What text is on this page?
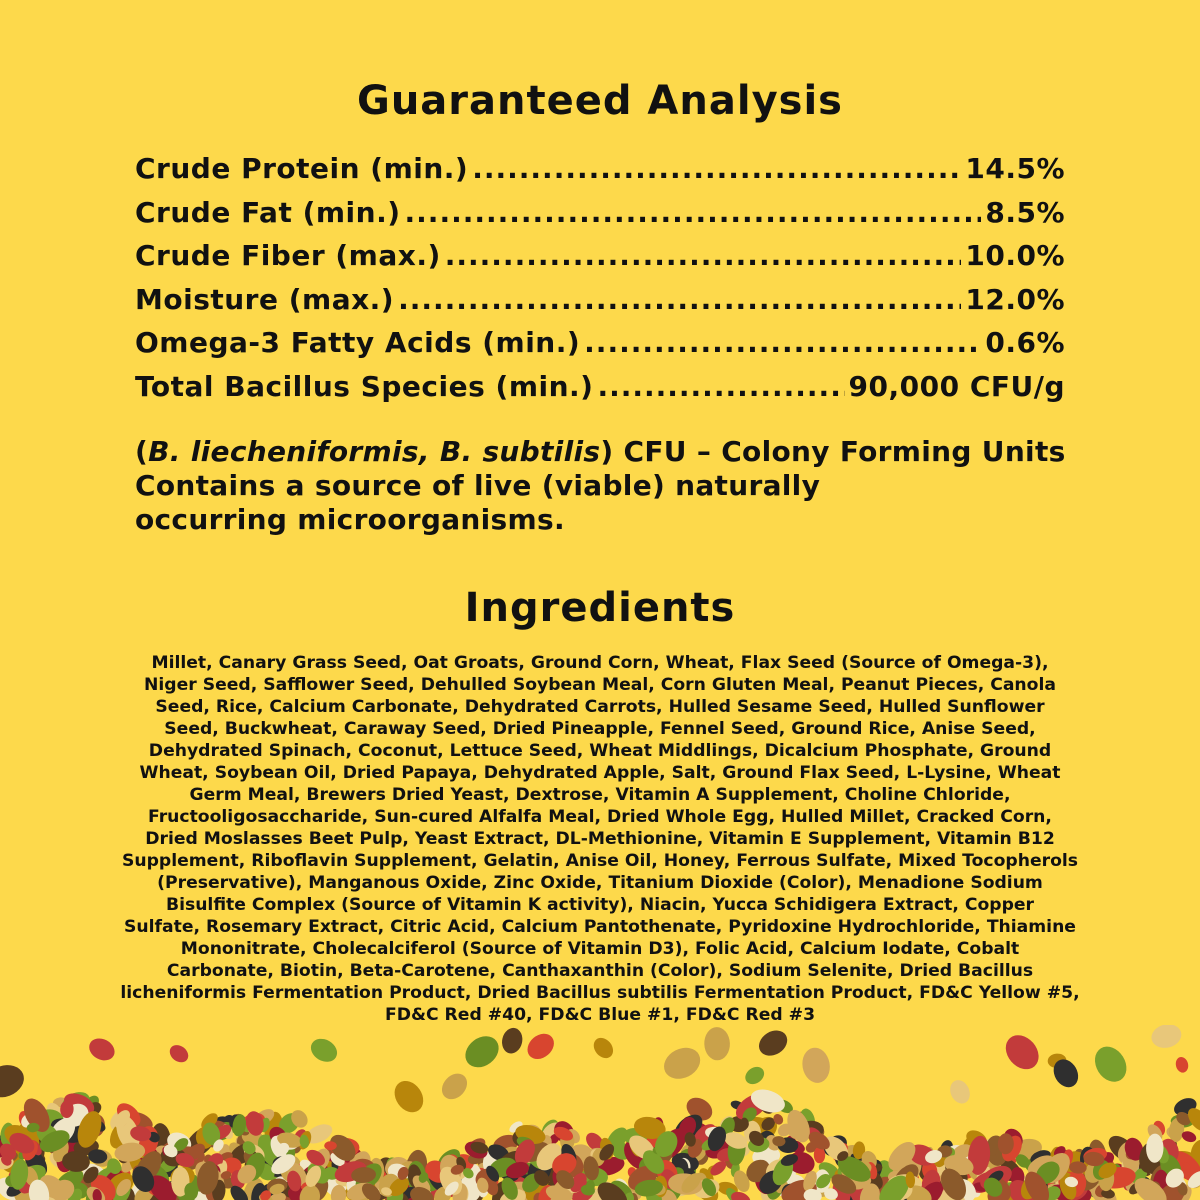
Guaranteed Analysis
Crude Protein (min.) .....	14.5%
Crude Fat (min.) .....	8.5%
Crude Fiber (max.) .....	10.0%
Moisture (max.) .....	12.0%
Omega-3 Fatty Acids (min.) .....	0.6%
Total Bacillus Species (min.) .....	90,000 CFU/g
(B. liecheniformis, B. subtilis) CFU – Colony Forming Units
Contains a source of live (viable) naturally
occurring microorganisms.
Ingredients
Millet, Canary Grass Seed, Oat Groats, Ground Corn, Wheat, Flax Seed (Source of Omega-3),
Niger Seed, Safflower Seed, Dehulled Soybean Meal, Corn Gluten Meal, Peanut Pieces, Canola
Seed, Rice, Calcium Carbonate, Dehydrated Carrots, Hulled Sesame Seed, Hulled Sunflower
Seed, Buckwheat, Caraway Seed, Dried Pineapple, Fennel Seed, Ground Rice, Anise Seed,
Dehydrated Spinach, Coconut, Lettuce Seed, Wheat Middlings, Dicalcium Phosphate, Ground
Wheat, Soybean Oil, Dried Papaya, Dehydrated Apple, Salt, Ground Flax Seed, L-Lysine, Wheat
Germ Meal, Brewers Dried Yeast, Dextrose, Vitamin A Supplement, Choline Chloride,
Fructooligosaccharide, Sun-cured Alfalfa Meal, Dried Whole Egg, Hulled Millet, Cracked Corn,
Dried Moslasses Beet Pulp, Yeast Extract, DL-Methionine, Vitamin E Supplement, Vitamin B12
Supplement, Riboflavin Supplement, Gelatin, Anise Oil, Honey, Ferrous Sulfate, Mixed Tocopherols
(Preservative), Manganous Oxide, Zinc Oxide, Titanium Dioxide (Color), Menadione Sodium
Bisulfite Complex (Source of Vitamin K activity), Niacin, Yucca Schidigera Extract, Copper
Sulfate, Rosemary Extract, Citric Acid, Calcium Pantothenate, Pyridoxine Hydrochloride, Thiamine
Mononitrate, Cholecalciferol (Source of Vitamin D3), Folic Acid, Calcium Iodate, Cobalt
Carbonate, Biotin, Beta-Carotene, Canthaxanthin (Color), Sodium Selenite, Dried Bacillus
licheniformis Fermentation Product, Dried Bacillus subtilis Fermentation Product, FD&C Yellow #5,
FD&C Red #40, FD&C Blue #1, FD&C Red #3
